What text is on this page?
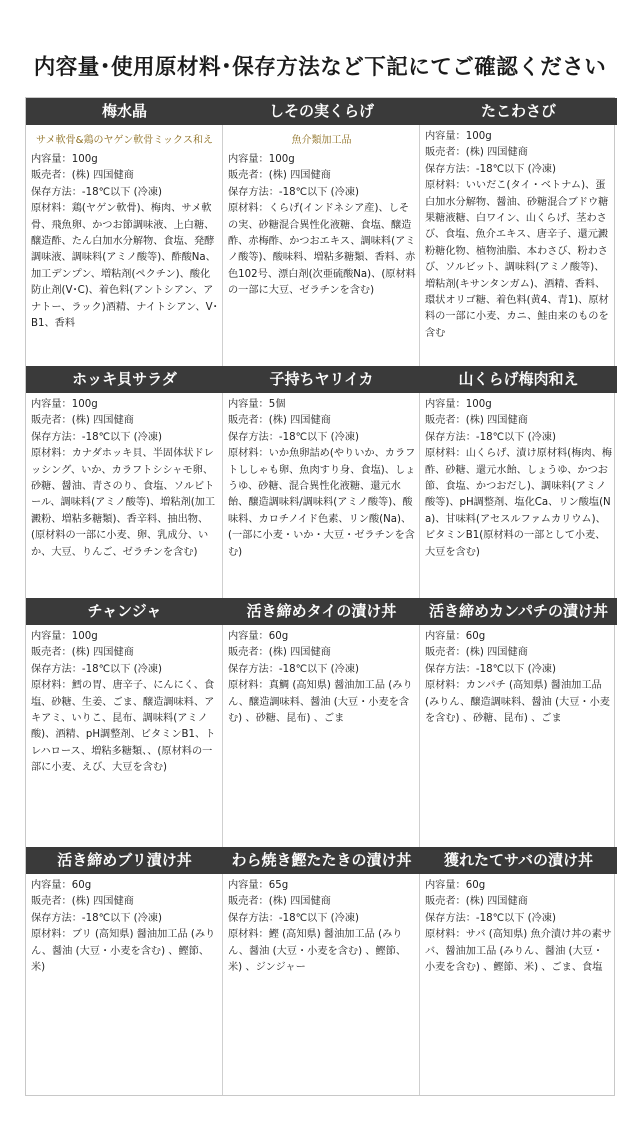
内容量･使用原材料･保存方法など下記にてご確認ください
梅水晶
サメ軟骨&鶏のヤゲン軟骨ミックス和え
内容量：100g
販売者：(株) 四国健商
保存方法：-18℃以下 (冷凍)
原材料：鶏(ヤゲン軟骨)、梅肉、サメ軟骨、飛魚卵、かつお節調味液、上白糖、醸造酢、たん白加水分解物、食塩、発酵調味液、調味料(アミノ酸等)、酢酸Na、加工デンプン、増粘剤(ペクチン)、酸化防止剤(V･C)、着色料(アントシアン、アナトー、ラック)酒精、ナイトシアン、V･B1、香料
しその実くらげ
魚介類加工品
内容量：100g
販売者：(株) 四国健商
保存方法：-18℃以下 (冷凍)
原材料：くらげ(インドネシア産)、しその実、砂糖混合異性化液糖、食塩、醸造酢、赤梅酢、かつおエキス、調味料(アミノ酸等)、酸味料、増粘多糖類、香料、赤色102号、漂白剤(次亜硫酸Na)、(原材料の一部に大豆、ゼラチンを含む)
たこわさび
内容量：100g
販売者：(株) 四国健商
保存方法：-18℃以下 (冷凍)
原材料：いいだこ(タイ・ベトナム)、蛋白加水分解物、醤油、砂糖混合ブドウ糖果糖液糖、白ワイン、山くらげ、茎わさび、食塩、魚介エキス、唐辛子、還元澱粉糖化物、植物油脂、本わさび、粉わさび、ソルビット、調味料(アミノ酸等)、増粘剤(キサンタンガム)、酒精、香料、環状オリゴ糖、着色料(黄4、青1)、原材料の一部に小麦、カニ、鮭由来のものを含む
ホッキ貝サラダ
内容量：100g
販売者：(株) 四国健商
保存方法：-18℃以下 (冷凍)
原材料：カナダホッキ貝、半固体状ドレッシング、いか、カラフトシシャモ卵、砂糖、醤油、青さのり、食塩、ソルビトール、調味料(アミノ酸等)、増粘剤(加工澱粉、増粘多糖類)、香辛料、抽出物、(原材料の一部に小麦、卵、乳成分、いか、大豆、りんご、ゼラチンを含む)
子持ちヤリイカ
内容量：5個
販売者：(株) 四国健商
保存方法：-18℃以下 (冷凍)
原材料：いか魚卵詰め(やりいか、カラフトししゃも卵、魚肉すり身、食塩)、しょうゆ、砂糖、混合異性化液糖、還元水飴、醸造調味料/調味料(アミノ酸等)、酸味料、カロチノイド色素、リン酸(Na)、(一部に小麦・いか・大豆・ゼラチンを含む)
山くらげ梅肉和え
内容量：100g
販売者：(株) 四国健商
保存方法：-18℃以下 (冷凍)
原材料：山くらげ、漬け原材料(梅肉、梅酢、砂糖、還元水飴、しょうゆ、かつお節、食塩、かつおだし)、調味料(アミノ酸等)、pH調整剤、塩化Ca、リン酸塩(Na)、甘味料(アセスルファムカリウム)、ビタミンB1(原材料の一部として小麦、大豆を含む)
チャンジャ
内容量：100g
販売者：(株) 四国健商
保存方法：-18℃以下 (冷凍)
原材料：鱈の胃、唐辛子、にんにく、食塩、砂糖、生姜、ごま、醸造調味料、アキアミ、いりこ、昆布、調味料(アミノ酸)、酒精、pH調整剤、ビタミンB1、トレハロース、増粘多糖類、、(原材料の一部に小麦、えび、大豆を含む)
活き締めタイの漬け丼
内容量：60g
販売者：(株) 四国健商
保存方法：-18℃以下 (冷凍)
原材料：真鯛 (高知県) 醤油加工品 (みりん、醸造調味料、醤油 (大豆・小麦を含む) 、砂糖、昆布) 、ごま
活き締めカンパチの漬け丼
内容量：60g
販売者：(株) 四国健商
保存方法：-18℃以下 (冷凍)
原材料：カンパチ (高知県) 醤油加工品 (みりん、醸造調味料、醤油 (大豆・小麦を含む) 、砂糖、昆布) 、ごま
活き締めブリ漬け丼
内容量：60g
販売者：(株) 四国健商
保存方法：-18℃以下 (冷凍)
原材料：ブリ (高知県) 醤油加工品 (みりん、醤油 (大豆・小麦を含む) 、鰹節、米)
わら焼き鰹たたきの漬け丼
内容量：65g
販売者：(株) 四国健商
保存方法：-18℃以下 (冷凍)
原材料：鰹 (高知県) 醤油加工品 (みりん、醤油 (大豆・小麦を含む) 、鰹節、米) 、ジンジャー
獲れたてサバの漬け丼
内容量：60g
販売者：(株) 四国健商
保存方法：-18℃以下 (冷凍)
原材料：サバ (高知県) 魚介漬け丼の素サバ、醤油加工品 (みりん、醤油 (大豆・小麦を含む) 、鰹節、米) 、ごま、食塩
